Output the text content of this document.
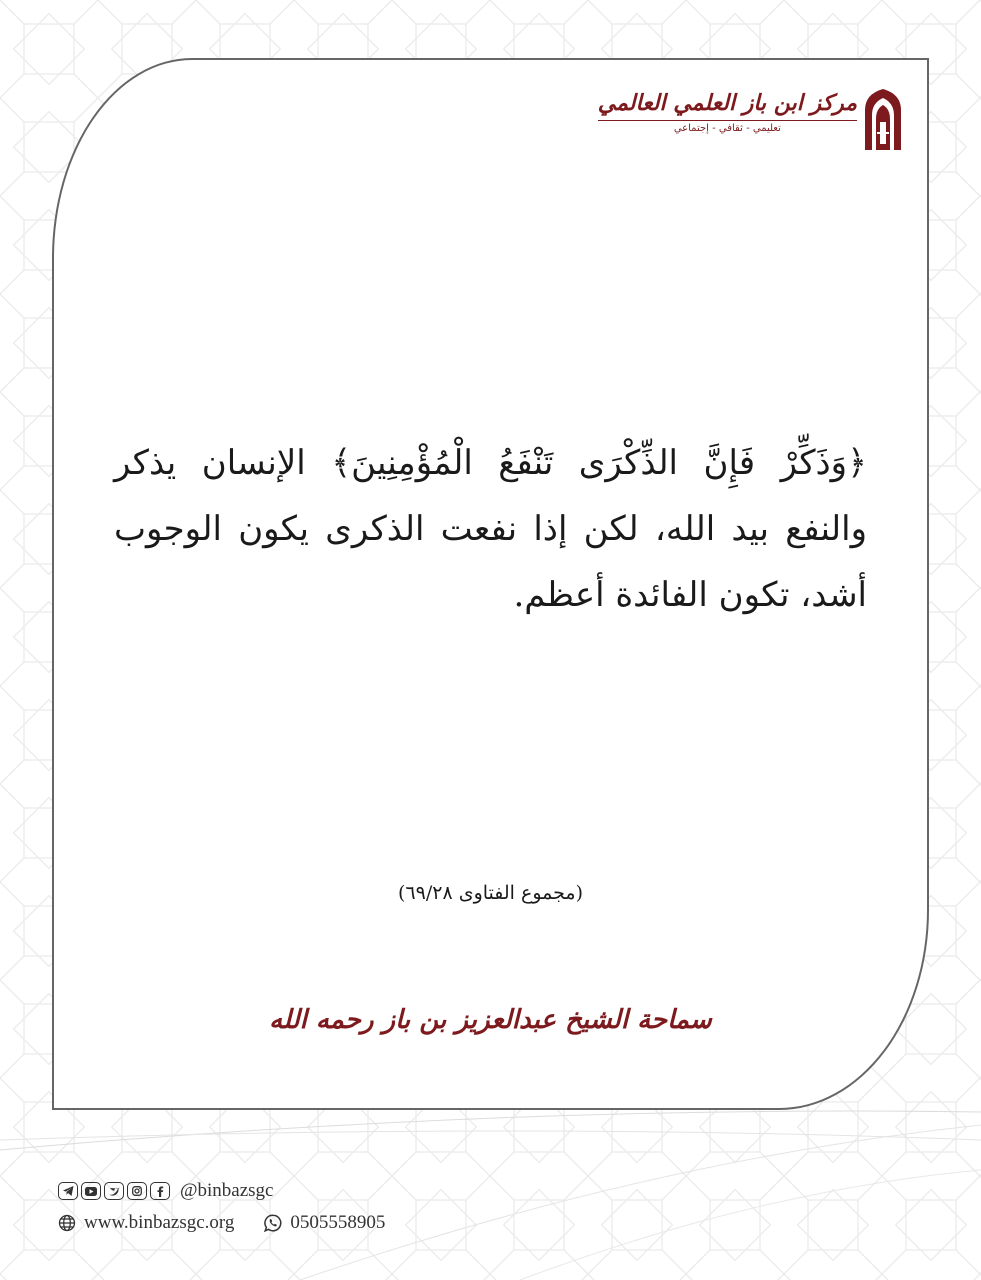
مركز ابن باز العلمي العالمي
تعليمي - ثقافي - إجتماعي
﴿وَذَكِّرْ فَإِنَّ الذِّكْرَى تَنْفَعُ الْمُؤْمِنِينَ﴾ الإنسان يذكر والنفع بيد الله، لكن إذا نفعت الذكرى يكون الوجوب أشد، تكون الفائدة أعظم.
(مجموع الفتاوى ٦٩/٢٨)
سماحة الشيخ عبدالعزيز بن باز رحمه الله
@binbazsgc
www.binbazsgc.org	0505558905
